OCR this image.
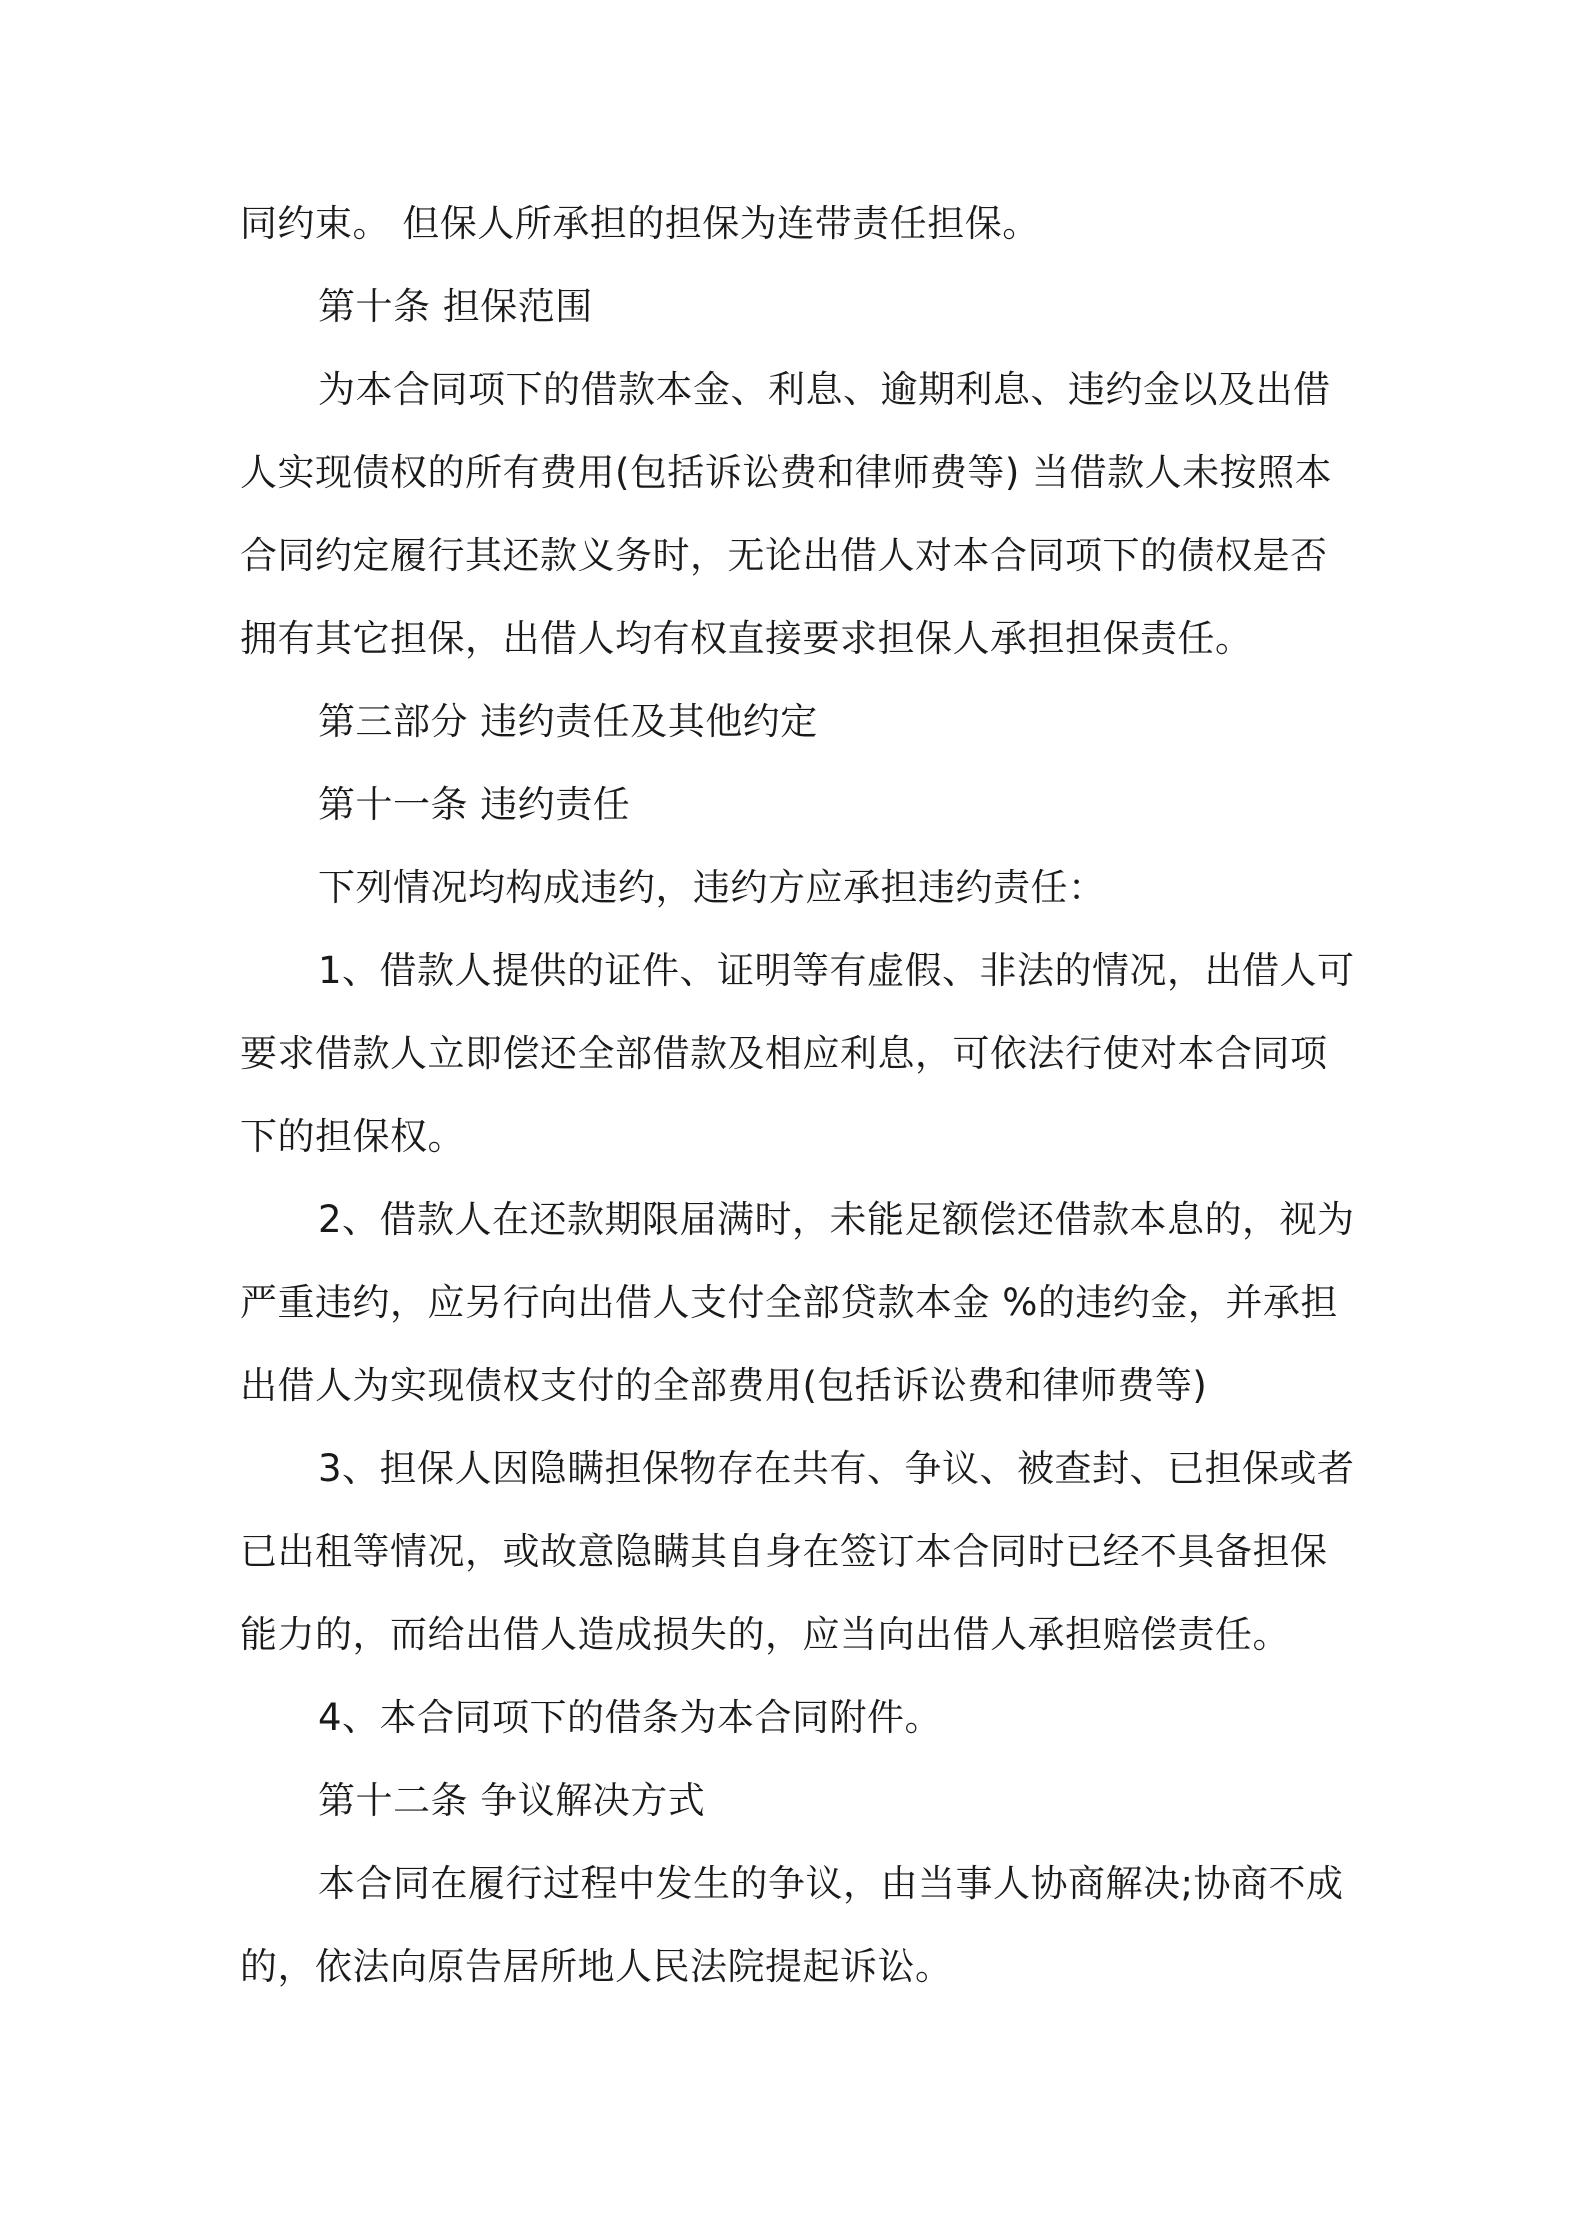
同约束。 但保人所承担的担保为连带责任担保。

第十条 担保范围

为本合同项下的借款本金、利息、逾期利息、违约金以及出借
人实现债权的所有费用(包括诉讼费和律师费等) 当借款人未按照本
合同约定履行其还款义务时，无论出借人对本合同项下的债权是否
拥有其它担保，出借人均有权直接要求担保人承担担保责任。

第三部分 违约责任及其他约定

第十一条 违约责任

下列情况均构成违约，违约方应承担违约责任：

1、借款人提供的证件、证明等有虚假、非法的情况，出借人可
要求借款人立即偿还全部借款及相应利息，可依法行使对本合同项
下的担保权。

2、借款人在还款期限届满时，未能足额偿还借款本息的，视为
严重违约，应另行向出借人支付全部贷款本金 %的违约金，并承担
出借人为实现债权支付的全部费用(包括诉讼费和律师费等)

3、担保人因隐瞒担保物存在共有、争议、被查封、已担保或者
已出租等情况，或故意隐瞒其自身在签订本合同时已经不具备担保
能力的，而给出借人造成损失的，应当向出借人承担赔偿责任。

4、本合同项下的借条为本合同附件。

第十二条 争议解决方式

本合同在履行过程中发生的争议，由当事人协商解决;协商不成
的，依法向原告居所地人民法院提起诉讼。
